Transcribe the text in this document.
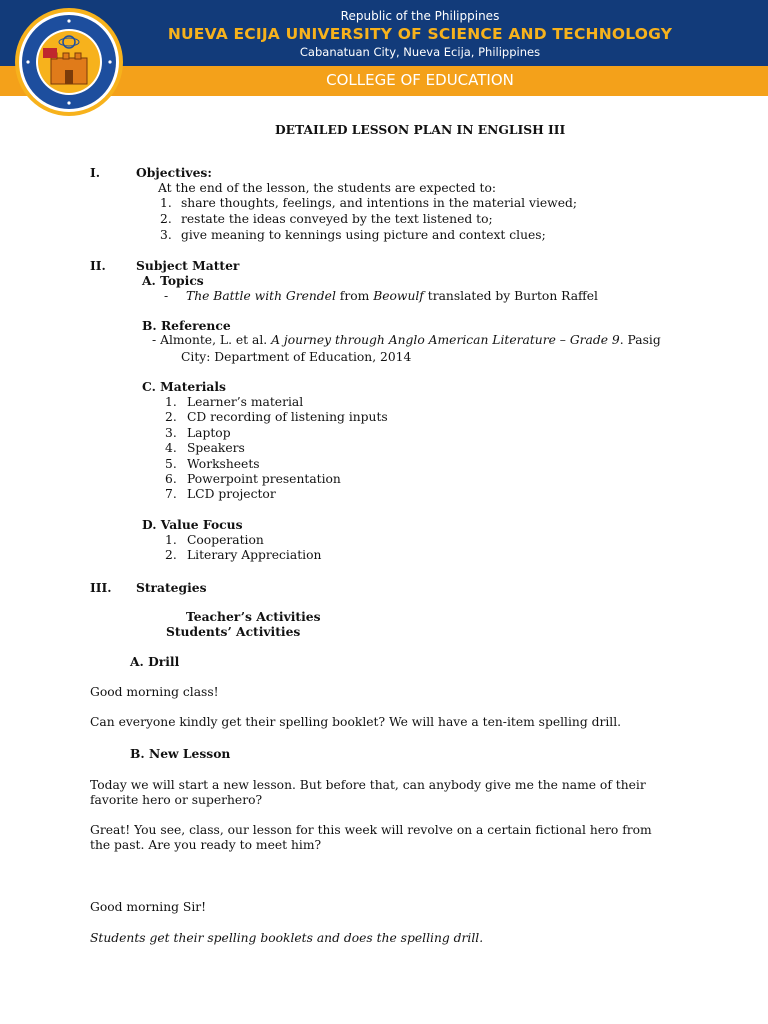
Republic of the Philippines
NUEVA ECIJA UNIVERSITY OF SCIENCE AND TECHNOLOGY
Cabanatuan City, Nueva Ecija, Philippines
COLLEGE OF EDUCATION
DETAILED LESSON PLAN IN ENGLISH III
I.	Objectives:
At the end of the lesson, the students are expected to:
1. share thoughts, feelings, and intentions in the material viewed;
2. restate the ideas conveyed by the text listened to;
3. give meaning to kennings using picture and context clues;
II. Subject Matter
A. Topics
- The Battle with Grendel from Beowulf translated by Burton Raffel
B. Reference
- Almonte, L. et al. A journey through Anglo American Literature – Grade 9. Pasig
City: Department of Education, 2014
C. Materials
1. Learner’s material
2. CD recording of listening inputs
3. Laptop
4. Speakers
5. Worksheets
6. Powerpoint presentation
7. LCD projector
D. Value Focus
1. Cooperation
2. Literary Appreciation
III. Strategies
Teacher’s Activities
Students’ Activities
A. Drill
Good morning class!
Can everyone kindly get their spelling booklet? We will have a ten-item spelling drill.
B. New Lesson
Today we will start a new lesson. But before that, can anybody give me the name of their
favorite hero or superhero?
Great! You see, class, our lesson for this week will revolve on a certain fictional hero from
the past. Are you ready to meet him?
Good morning Sir!
Students get their spelling booklets and does the spelling drill.
